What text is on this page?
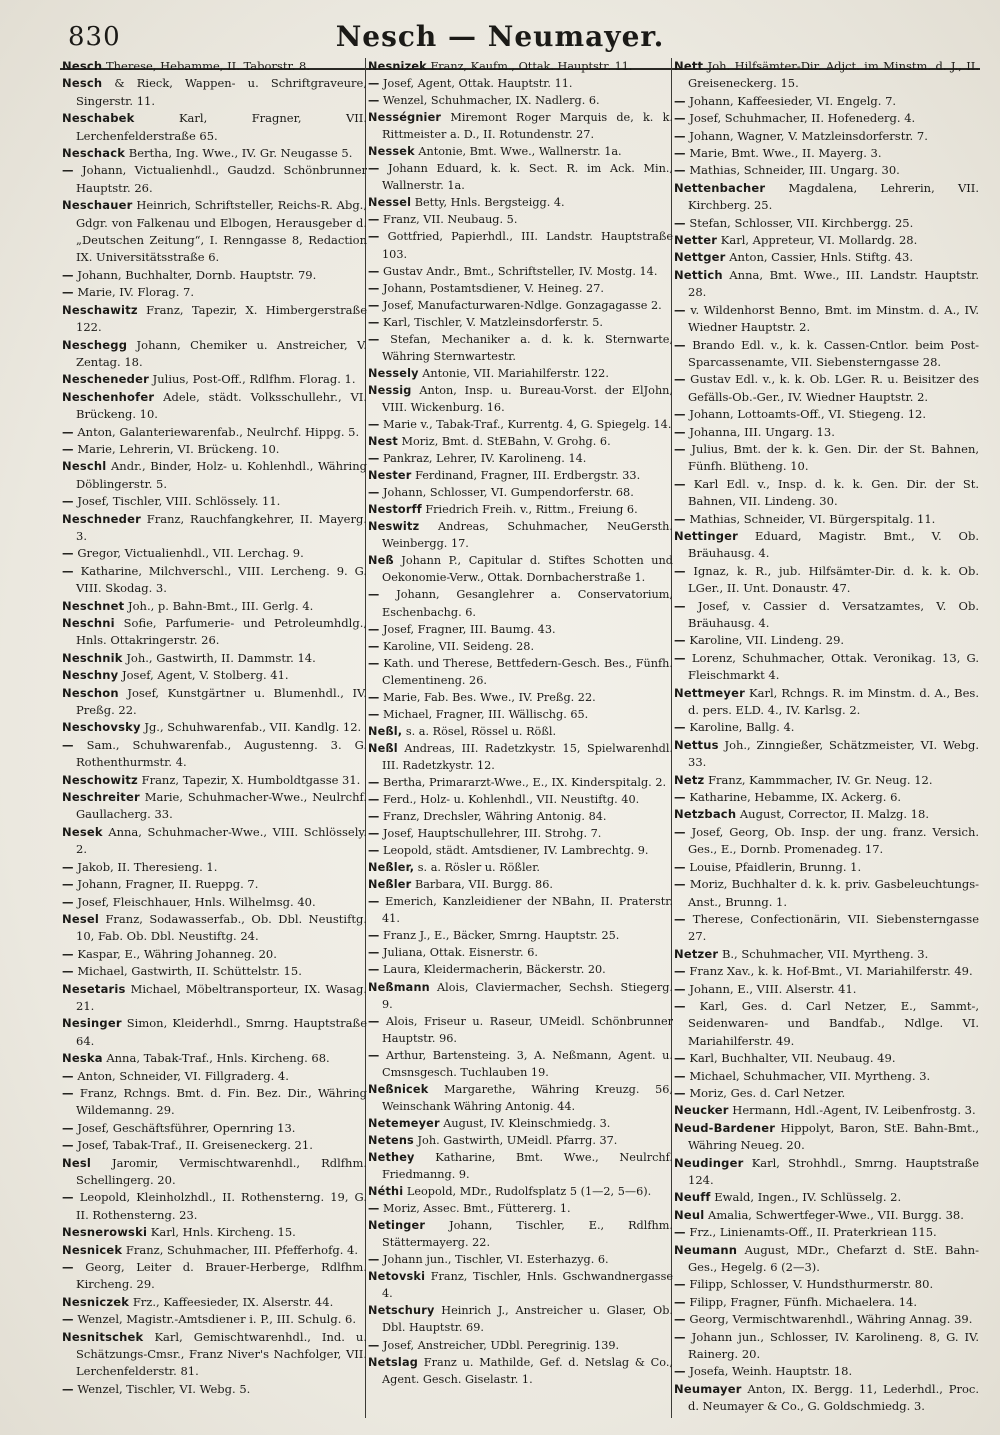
830	Nesch — Neumayer.
Nesch Therese, Hebamme, II. Taborstr. 8.
Nesch & Rieck, Wappen- u. Schriftgraveure, Singerstr. 11.
Neschabek	Karl, Fragner, VII. Lerchenfelderstraße 65.
Neschack Bertha, Ing. Wwe., IV. Gr. Neugasse 5.
— Johann, Victualienhdl., Gaudzd. Schönbrunner Hauptstr. 26.
Neschauer Heinrich, Schriftsteller, Reichs-R. Abg., Gdgr. von Falkenau und Elbogen, Herausgeber d. „Deutschen Zeitung“, I. Renngasse 8, Redaction IX. Universitätsstraße 6.
— Johann, Buchhalter, Dornb. Hauptstr. 79.
— Marie, IV. Florag. 7.
Neschawitz Franz, Tapezir, X. Himbergerstraße 122.
Neschegg Johann, Chemiker u. Anstreicher, V. Zentag. 18.
Nescheneder Julius, Post-Off., Rdlfhm. Florag. 1.
Neschenhofer Adele, städt. Volksschullehr., VI. Brückeng. 10.
— Anton, Galanteriewarenfab., Neulrchf. Hippg. 5.
— Marie, Lehrerin, VI. Brückeng. 10.
Neschl Andr., Binder, Holz- u. Kohlenhdl., Währing Döblingerstr. 5.
— Josef, Tischler, VIII. Schlössely. 11.
Neschneder Franz, Rauchfangkehrer, II. Mayerg. 3.
— Gregor, Victualienhdl., VII. Lerchag. 9.
— Katharine, Milchverschl., VIII. Lercheng. 9. G. VIII. Skodag. 3.
Neschnet Joh., p. Bahn-Bmt., III. Gerlg. 4.
Neschni Sofie, Parfumerie- und Petroleumhdlg., Hnls. Ottakringerstr. 26.
Neschnik Joh., Gastwirth, II. Dammstr. 14.
Neschny Josef, Agent, V. Stolberg. 41.
Neschon Josef, Kunstgärtner u. Blumenhdl., IV. Preßg. 22.
Neschovsky Jg., Schuhwarenfab., VII. Kandlg. 12.
— Sam., Schuhwarenfab., Augustenng. 3. G. Rothenthurmstr. 4.
Neschowitz Franz, Tapezir, X. Humboldtgasse 31.
Neschreiter Marie, Schuhmacher-Wwe., Neulrchf. Gaullacherg. 33.
Nesek Anna, Schuhmacher-Wwe., VIII. Schlössely. 2.
— Jakob, II. Theresieng. 1.
— Johann, Fragner, II. Rueppg. 7.
— Josef, Fleischhauer, Hnls. Wilhelmsg. 40.
Nesel Franz, Sodawasserfab., Ob. Dbl. Neustiftg. 10, Fab. Ob. Dbl. Neustiftg. 24.
— Kaspar, E., Währing Johanneg. 20.
— Michael, Gastwirth, II. Schüttelstr. 15.
Nesetaris Michael, Möbeltransporteur, IX. Wasag. 21.
Nesinger Simon, Kleiderhdl., Smrng. Hauptstraße 64.
Neska Anna, Tabak-Traf., Hnls. Kircheng. 68.
— Anton, Schneider, VI. Fillgraderg. 4.
— Franz, Rchngs. Bmt. d. Fin. Bez. Dir., Währing Wildemanng. 29.
— Josef, Geschäftsführer, Opernring 13.
— Josef, Tabak-Traf., II. Greiseneckerg. 21.
Nesl Jaromir, Vermischtwarenhdl., Rdlfhm. Schellingerg. 20.
— Leopold, Kleinholzhdl., II. Rothensterng. 19, G. II. Rothensterng. 23.
Nesnerowski Karl, Hnls. Kircheng. 15.
Nesnicek Franz, Schuhmacher, III. Pfefferhofg. 4.
— Georg, Leiter d. Brauer-Herberge, Rdlfhm. Kircheng. 29.
Nesniczek Frz., Kaffeesieder, IX. Alserstr. 44.
— Wenzel, Magistr.-Amtsdiener i. P., III. Schulg. 6.
Nesnitschek Karl, Gemischtwarenhdl., Ind. u. Schätzungs-Cmsr., Franz Niver's Nachfolger, VII. Lerchenfelderstr. 81.
— Wenzel, Tischler, VI. Webg. 5.
Nesnizek Franz, Kaufm., Ottak. Hauptstr. 11.
— Josef, Agent, Ottak. Hauptstr. 11.
— Wenzel, Schuhmacher, IX. Nadlerg. 6.
Nességnier Miremont Roger Marquis de, k. k. Rittmeister a. D., II. Rotundenstr. 27.
Nessek Antonie, Bmt. Wwe., Wallnerstr. 1a.
— Johann Eduard, k. k. Sect. R. im Ack. Min., Wallnerstr. 1a.
Nessel Betty, Hnls. Bergsteigg. 4.
— Franz, VII. Neubaug. 5.
— Gottfried, Papierhdl., III. Landstr. Hauptstraße 103.
— Gustav Andr., Bmt., Schriftsteller, IV. Mostg. 14.
— Johann, Postamtsdiener, V. Heineg. 27.
— Josef, Manufacturwaren-Ndlge. Gonzagagasse 2.
— Karl, Tischler, V. Matzleinsdorferstr. 5.
— Stefan, Mechaniker a. d. k. k. Sternwarte, Währing Sternwartestr.
Nessely Antonie, VII. Mariahilferstr. 122.
Nessig Anton, Insp. u. Bureau-Vorst. der ElJohn, VIII. Wickenburg. 16.
— Marie v., Tabak-Traf., Kurrentg. 4, G. Spiegelg. 14.
Nest Moriz, Bmt. d. StEBahn, V. Grohg. 6.
— Pankraz, Lehrer, IV. Karolineng. 14.
Nester Ferdinand, Fragner, III. Erdbergstr. 33.
— Johann, Schlosser, VI. Gumpendorferstr. 68.
Nestorff Friedrich Freih. v., Rittm., Freiung 6.
Neswitz Andreas, Schuhmacher, NeuGersth. Weinbergg. 17.
Neß Johann P., Capitular d. Stiftes Schotten und Oekonomie-Verw., Ottak. Dornbacherstraße 1.
— Johann, Gesanglehrer a. Conservatorium, Eschenbachg. 6.
— Josef, Fragner, III. Baumg. 43.
— Karoline, VII. Seideng. 28.
— Kath. und Therese, Bettfedern-Gesch. Bes., Fünfh. Clementineng. 26.
— Marie, Fab. Bes. Wwe., IV. Preßg. 22.
— Michael, Fragner, III. Wällischg. 65.
Neßl, s. a. Rösel, Rössel u. Rößl.
Neßl Andreas, III. Radetzkystr. 15, Spielwarenhdl. III. Radetzkystr. 12.
— Bertha, Primararzt-Wwe., E., IX. Kinderspitalg. 2.
— Ferd., Holz- u. Kohlenhdl., VII. Neustiftg. 40.
— Franz, Drechsler, Währing Antonig. 84.
— Josef, Hauptschullehrer, III. Strohg. 7.
— Leopold, städt. Amtsdiener, IV. Lambrechtg. 9.
Neßler, s. a. Rösler u. Rößler.
Neßler Barbara, VII. Burgg. 86.
— Emerich, Kanzleidiener der NBahn, II. Praterstr. 41.
— Franz J., E., Bäcker, Smrng. Hauptstr. 25.
— Juliana, Ottak. Eisnerstr. 6.
— Laura, Kleidermacherin, Bäckerstr. 20.
Neßmann Alois, Claviermacher, Sechsh. Stiegerg. 9.
— Alois, Friseur u. Raseur, UMeidl. Schönbrunner Hauptstr. 96.
— Arthur, Bartensteing. 3, A. Neßmann, Agent. u. Cmsnsgesch. Tuchlauben 19.
Neßnicek Margarethe, Währing Kreuzg. 56, Weinschank Währing Antonig. 44.
Netemeyer August, IV. Kleinschmiedg. 3.
Netens Joh. Gastwirth, UMeidl. Pfarrg. 37.
Netheу Katharine, Bmt. Wwe., Neulrchf. Friedmanng. 9.
Néthi Leopold, MDr., Rudolfsplatz 5 (1—2, 5—6).
— Moriz, Assec. Bmt., Füttererg. 1.
Netinger Johann, Tischler, E., Rdlfhm. Stättermayerg. 22.
— Johann jun., Tischler, VI. Esterhazyg. 6.
Netovski Franz, Tischler, Hnls. Gschwandnergasse 4.
Netschury Heinrich J., Anstreicher u. Glaser, Ob. Dbl. Hauptstr. 69.
— Josef, Anstreicher, UDbl. Peregrinig. 139.
Netslag Franz u. Mathilde, Gef. d. Netslag & Co., Agent. Gesch. Giselastr. 1.
Nett Joh. Hilfsämter-Dir. Adjct. im Minstm. d. J., II. Greiseneckerg. 15.
— Johann, Kaffeesieder, VI. Engelg. 7.
— Josef, Schuhmacher, II. Hofenederg. 4.
— Johann, Wagner, V. Matzleinsdorferstr. 7.
— Marie, Bmt. Wwe., II. Mayerg. 3.
— Mathias, Schneider, III. Ungarg. 30.
Nettenbacher Magdalena, Lehrerin, VII. Kirchberg. 25.
— Stefan, Schlosser, VII. Kirchbergg. 25.
Netter Karl, Appreteur, VI. Mollardg. 28.
Nettger Anton, Cassier, Hnls. Stiftg. 43.
Nettich Anna, Bmt. Wwe., III. Landstr. Hauptstr. 28.
— v. Wildenhorst Benno, Bmt. im Minstm. d. A., IV. Wiedner Hauptstr. 2.
— Brando Edl. v., k. k. Cassen-Cntlor. beim Post-Sparcassenamte, VII. Siebensterngasse 28.
— Gustav Edl. v., k. k. Ob. LGer. R. u. Beisitzer des Gefälls-Ob.-Ger., IV. Wiedner Hauptstr. 2.
— Johann, Lottoamts-Off., VI. Stiegeng. 12.
— Johanna, III. Ungarg. 13.
— Julius, Bmt. der k. k. Gen. Dir. der St. Bahnen, Fünfh. Blütheng. 10.
— Karl Edl. v., Insp. d. k. k. Gen. Dir. der St. Bahnen, VII. Lindeng. 30.
— Mathias, Schneider, VI. Bürgerspitalg. 11.
Nettinger Eduard, Magistr. Bmt., V. Ob. Bräuhausg. 4.
— Ignaz, k. R., jub. Hilfsämter-Dir. d. k. k. Ob. LGer., II. Unt. Donaustr. 47.
— Josef, v. Cassier d. Versatzamtes, V. Ob. Bräuhausg. 4.
— Karoline, VII. Lindeng. 29.
— Lorenz, Schuhmacher, Ottak. Veronikag. 13, G. Fleischmarkt 4.
Nettmeyer Karl, Rchngs. R. im Minstm. d. A., Bes. d. pers. ELD. 4., IV. Karlsg. 2.
— Karoline, Ballg. 4.
Nettus Joh., Zinngießer, Schätzmeister, VI. Webg. 33.
Netz Franz, Kammmacher, IV. Gr. Neug. 12.
— Katharine, Hebamme, IX. Ackerg. 6.
Netzbach August, Corrector, II. Malzg. 18.
— Josef, Georg, Ob. Insp. der ung. franz. Versich. Ges., E., Dornb. Promenadeg. 17.
— Louise, Pfaidlerin, Brunng. 1.
— Moriz, Buchhalter d. k. k. priv. Gasbeleuchtungs-Anst., Brunng. 1.
— Therese, Confectionärin, VII. Siebensterngasse 27.
Netzer B., Schuhmacher, VII. Myrtheng. 3.
— Franz Xav., k. k. Hof-Bmt., VI. Mariahilferstr. 49.
— Johann, E., VIII. Alserstr. 41.
— Karl, Ges. d. Carl Netzer, E., Sammt-, Seidenwaren- und Bandfab., Ndlge. VI. Mariahilferstr. 49.
— Karl, Buchhalter, VII. Neubaug. 49.
— Michael, Schuhmacher, VII. Myrtheng. 3.
— Moriz, Ges. d. Carl Netzer.
Neucker Hermann, Hdl.-Agent, IV. Leibenfrostg. 3.
Neud-Bardener Hippolyt, Baron, StE. Bahn-Bmt., Währing Neueg. 20.
Neudinger Karl, Strohhdl., Smrng. Hauptstraße 124.
Neuff Ewald, Ingen., IV. Schlüsselg. 2.
Neul Amalia, Schwertfeger-Wwe., VII. Burgg. 38.
— Frz., Linienamts-Off., II. Praterkriean 115.
Neumann August, MDr., Chefarzt d. StE. Bahn-Ges., Hegelg. 6 (2—3).
— Filipp, Schlosser, V. Hundsthurmerstr. 80.
— Filipp, Fragner, Fünfh. Michaelera. 14.
— Georg, Vermischtwarenhdl., Währing Annag. 39.
— Johann jun., Schlosser, IV. Karolineng. 8, G. IV. Rainerg. 20.
— Josefa, Weinh. Hauptstr. 18.
Neumayer Anton, IX. Bergg. 11, Lederhdl., Proc. d. Neumayer & Co., G. Goldschmiedg. 3.
